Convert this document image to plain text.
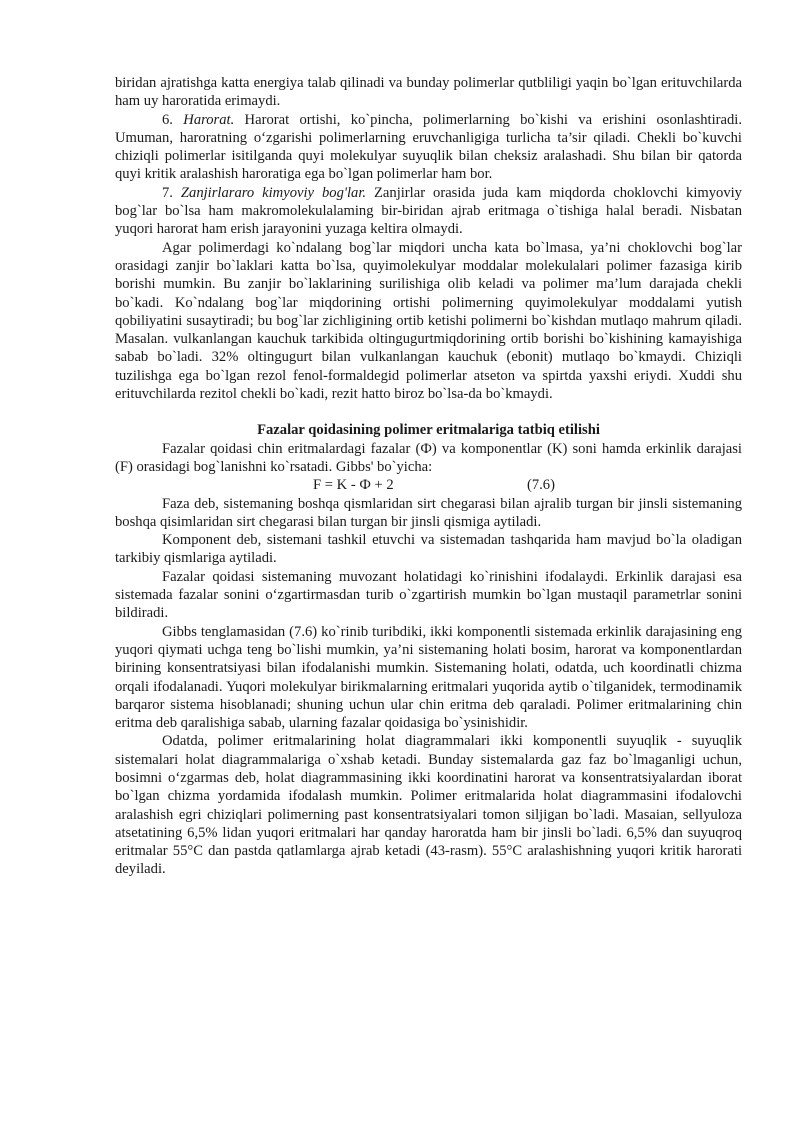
biridan ajratishga katta energiya talab qilinadi va bunday polimerlar qutbliligi yaqin bo`lgan erituvchilarda ham uy haroratida erimaydi.

6. Harorat. Harorat ortishi, ko`pincha, polimerlarning bo`kishi va erishini osonlashtiradi. Umuman, haroratning o‘zgarishi polimerlarning eruvchanligiga turlicha ta’sir qiladi. Chekli bo`kuvchi chiziqli polimerlar isitilganda quyi molekulyar suyuqlik bilan cheksiz aralashadi. Shu bilan bir qatorda quyi kritik aralashish haroratiga ega bo`lgan polimerlar ham bor.

7. Zanjirlararo kimyoviy bog'lar. Zanjirlar orasida juda kam miqdorda choklovchi kimyoviy bog`lar bo`lsa ham makromolekulalaming bir-biridan ajrab eritmaga o`tishiga halal beradi. Nisbatan yuqori harorat ham erish jarayonini yuzaga keltira olmaydi.

Agar polimerdagi ko`ndalang bog`lar miqdori uncha kata bo`lmasa, ya’ni choklovchi bog`lar orasidagi zanjir bo`laklari katta bo`lsa, quyimolekulyar moddalar molekulalari polimer fazasiga kirib borishi mumkin. Bu zanjir bo`laklarining surilishiga olib keladi va polimer ma’lum darajada chekli bo`kadi. Ko`ndalang bog`lar miqdorining ortishi polimerning quyimolekulyar moddalami yutish qobiliyatini susaytiradi; bu bog`lar zichligining ortib ketishi polimerni bo`kishdan mutlaqo mahrum qiladi. Masalan. vulkanlangan kauchuk tarkibida oltingugurtmiqdorining ortib borishi bo`kishining kamayishiga sabab bo`ladi. 32% oltingugurt bilan vulkanlangan kauchuk (ebonit) mutlaqo bo`kmaydi. Chiziqli tuzilishga ega bo`lgan rezol fenol-formaldegid polimerlar atseton va spirtda yaxshi eriydi. Xuddi shu erituvchilarda rezitol chekli bo`kadi, rezit hatto biroz bo`lsa-da bo`kmaydi.

Fazalar qoidasining polimer eritmalariga tatbiq etilishi

Fazalar qoidasi chin eritmalardagi fazalar (Ф) va komponentlar (K) soni hamda erkinlik darajasi (F) orasidagi bog`lanishni ko`rsatadi. Gibbs' bo`yicha:

F = K - Ф + 2	(7.6)

Faza deb, sistemaning boshqa qismlaridan sirt chegarasi bilan ajralib turgan bir jinsli sistemaning boshqa qisimlaridan sirt chegarasi bilan turgan bir jinsli qismiga aytiladi.

Komponent deb, sistemani tashkil etuvchi va sistemadan tashqarida ham mavjud bo`la oladigan tarkibiy qismlariga aytiladi.

Fazalar qoidasi sistemaning muvozant holatidagi ko`rinishini ifodalaydi. Erkinlik darajasi esa sistemada fazalar sonini o‘zgartirmasdan turib o`zgartirish mumkin bo`lgan mustaqil parametrlar sonini bildiradi.

Gibbs tenglamasidan (7.6) ko`rinib turibdiki, ikki komponentli sistemada erkinlik darajasining eng yuqori qiymati uchga teng bo`lishi mumkin, ya’ni sistemaning holati bosim, harorat va komponentlardan birining konsentratsiyasi bilan ifodalanishi mumkin. Sistemaning holati, odatda, uch koordinatli chizma orqali ifodalanadi. Yuqori molekulyar birikmalarning eritmalari yuqorida aytib o`tilganidek, termodinamik barqaror sistema hisoblanadi; shuning uchun ular chin eritma deb qaraladi. Polimer eritmalarining chin eritma deb qaralishiga sabab, ularning fazalar qoidasiga bo`ysinishidir.

Odatda, polimer eritmalarining holat diagrammalari ikki komponentli suyuqlik - suyuqlik sistemalari holat diagrammalariga o`xshab ketadi. Bunday sistemalarda gaz faz bo`lmaganligi uchun, bosimni o‘zgarmas deb, holat diagrammasining ikki koordinatini harorat va konsentratsiyalardan iborat bo`lgan chizma yordamida ifodalash mumkin. Polimer eritmalarida holat diagrammasini ifodalovchi aralashish egri chiziqlari polimerning past konsentratsiyalari tomon siljigan bo`ladi. Masaian, sellyuloza atsetatining 6,5% lidan yuqori eritmalari har qanday haroratda ham bir jinsli bo`ladi. 6,5% dan suyuqroq eritmalar 55°C dan pastda qatlamlarga ajrab ketadi (43-rasm). 55°C aralashishning yuqori kritik harorati deyiladi.
